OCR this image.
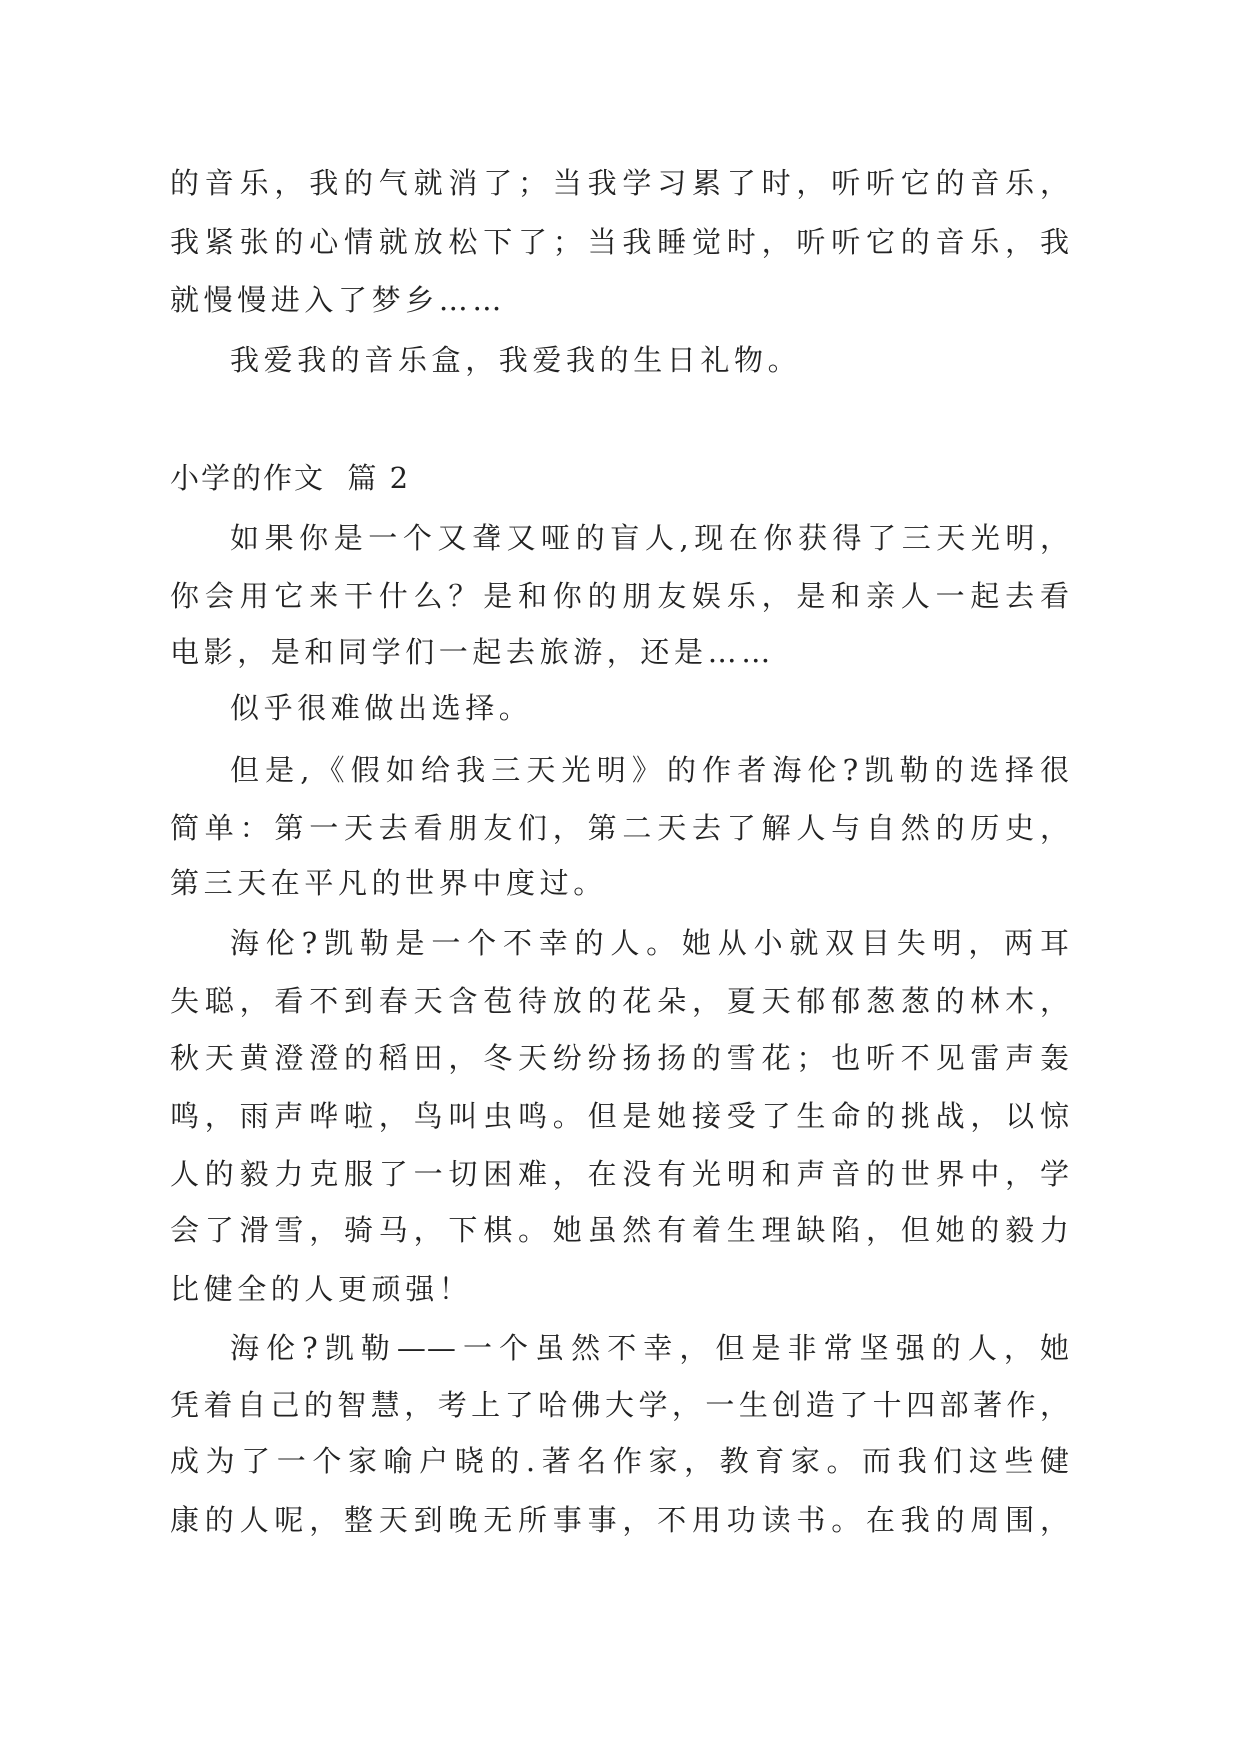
的音乐，我的气就消了；当我学习累了时，听听它的音乐，
我紧张的心情就放松下了；当我睡觉时，听听它的音乐，我
就慢慢进入了梦乡……
我爱我的音乐盒，我爱我的生日礼物。
小学的作文  篇 2
如果你是一个又聋又哑的盲人,现在你获得了三天光明，
你会用它来干什么？是和你的朋友娱乐，是和亲人一起去看
电影，是和同学们一起去旅游，还是……
似乎很难做出选择。
但是,《假如给我三天光明》的作者海伦?凯勒的选择很
简单：第一天去看朋友们，第二天去了解人与自然的历史，
第三天在平凡的世界中度过。
海伦?凯勒是一个不幸的人。她从小就双目失明，两耳
失聪，看不到春天含苞待放的花朵，夏天郁郁葱葱的林木，
秋天黄澄澄的稻田，冬天纷纷扬扬的雪花；也听不见雷声轰
鸣，雨声哗啦，鸟叫虫鸣。但是她接受了生命的挑战，以惊
人的毅力克服了一切困难，在没有光明和声音的世界中，学
会了滑雪，骑马，下棋。她虽然有着生理缺陷，但她的毅力
比健全的人更顽强！
海伦?凯勒——一个虽然不幸，但是非常坚强的人，她
凭着自己的智慧，考上了哈佛大学，一生创造了十四部著作，
成为了一个家喻户晓的.著名作家，教育家。而我们这些健
康的人呢，整天到晚无所事事，不用功读书。在我的周围，
